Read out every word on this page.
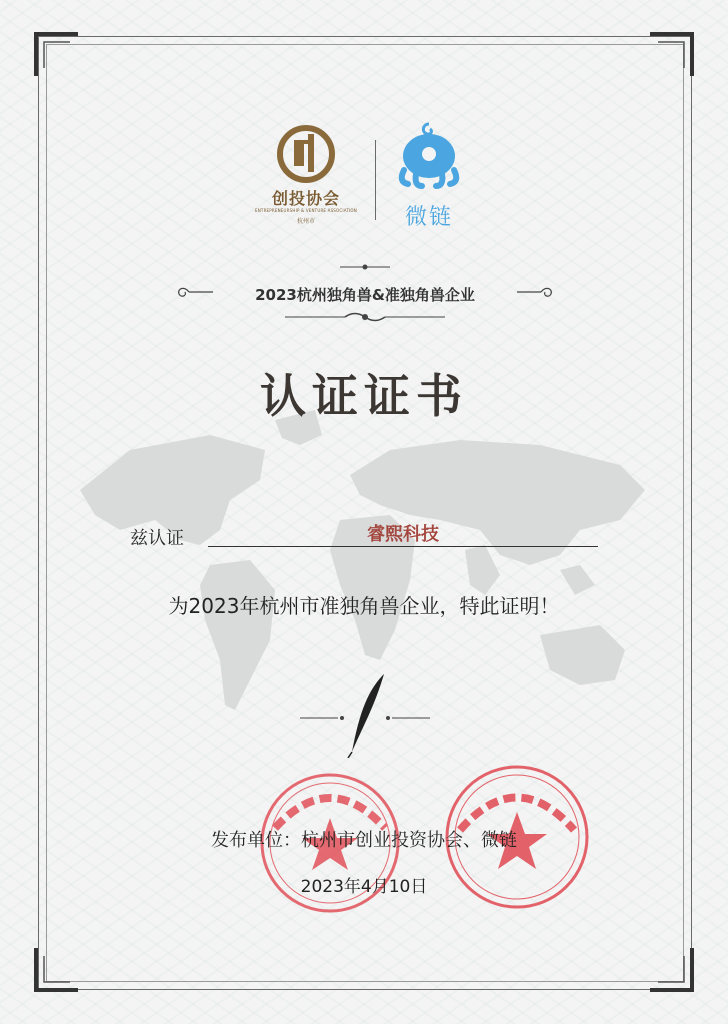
创投协会
ENTREPRENEURSHIP & VENTURE ASSOCIATION
杭州市	微链
2023杭州独角兽&准独角兽企业
认证证书
兹认证	睿熙科技
为2023年杭州市准独角兽企业，特此证明！
发布单位：杭州市创业投资协会、微链
2023年4月10日
